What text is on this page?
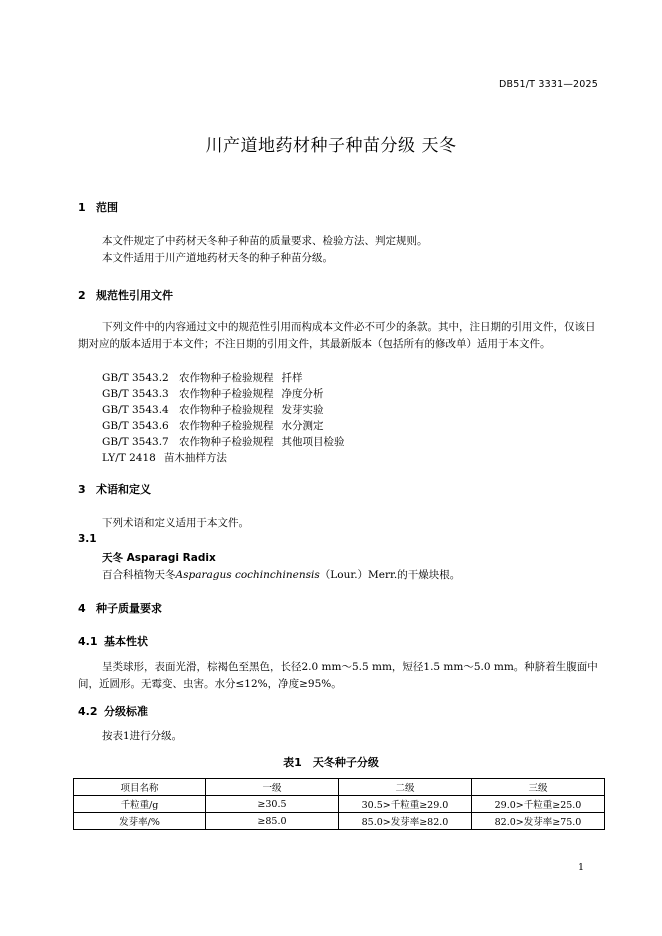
DB51/T 3331—2025
川产道地药材种子种苗分级 天冬
1 范围
本文件规定了中药材天冬种子种苗的质量要求、检验方法、判定规则。
本文件适用于川产道地药材天冬的种子种苗分级。
2 规范性引用文件
下列文件中的内容通过文中的规范性引用而构成本文件必不可少的条款。其中，注日期的引用文件，仅该日期对应的版本适用于本文件；不注日期的引用文件，其最新版本（包括所有的修改单）适用于本文件。
GB/T 3543.2 农作物种子检验规程 扦样
GB/T 3543.3 农作物种子检验规程 净度分析
GB/T 3543.4 农作物种子检验规程 发芽实验
GB/T 3543.6 农作物种子检验规程 水分测定
GB/T 3543.7 农作物种子检验规程 其他项目检验
LY/T 2418 苗木抽样方法
3 术语和定义
下列术语和定义适用于本文件。
3.1
天冬 Asparagi Radix
百合科植物天冬Asparagus cochinchinensis（Lour.）Merr.的干燥块根。
4 种子质量要求
4.1 基本性状
呈类球形，表面光滑，棕褐色至黑色，长径2.0 mm～5.5 mm，短径1.5 mm～5.0 mm。种脐着生腹面中间，近圆形。无霉变、虫害。水分≤12%，净度≥95%。
4.2 分级标准
按表1进行分级。
表1　天冬种子分级
项目名称	一级	二级	三级
千粒重/g	≥30.5	30.5>千粒重≥29.0	29.0>千粒重≥25.0
发芽率/%	≥85.0	85.0>发芽率≥82.0	82.0>发芽率≥75.0
1
